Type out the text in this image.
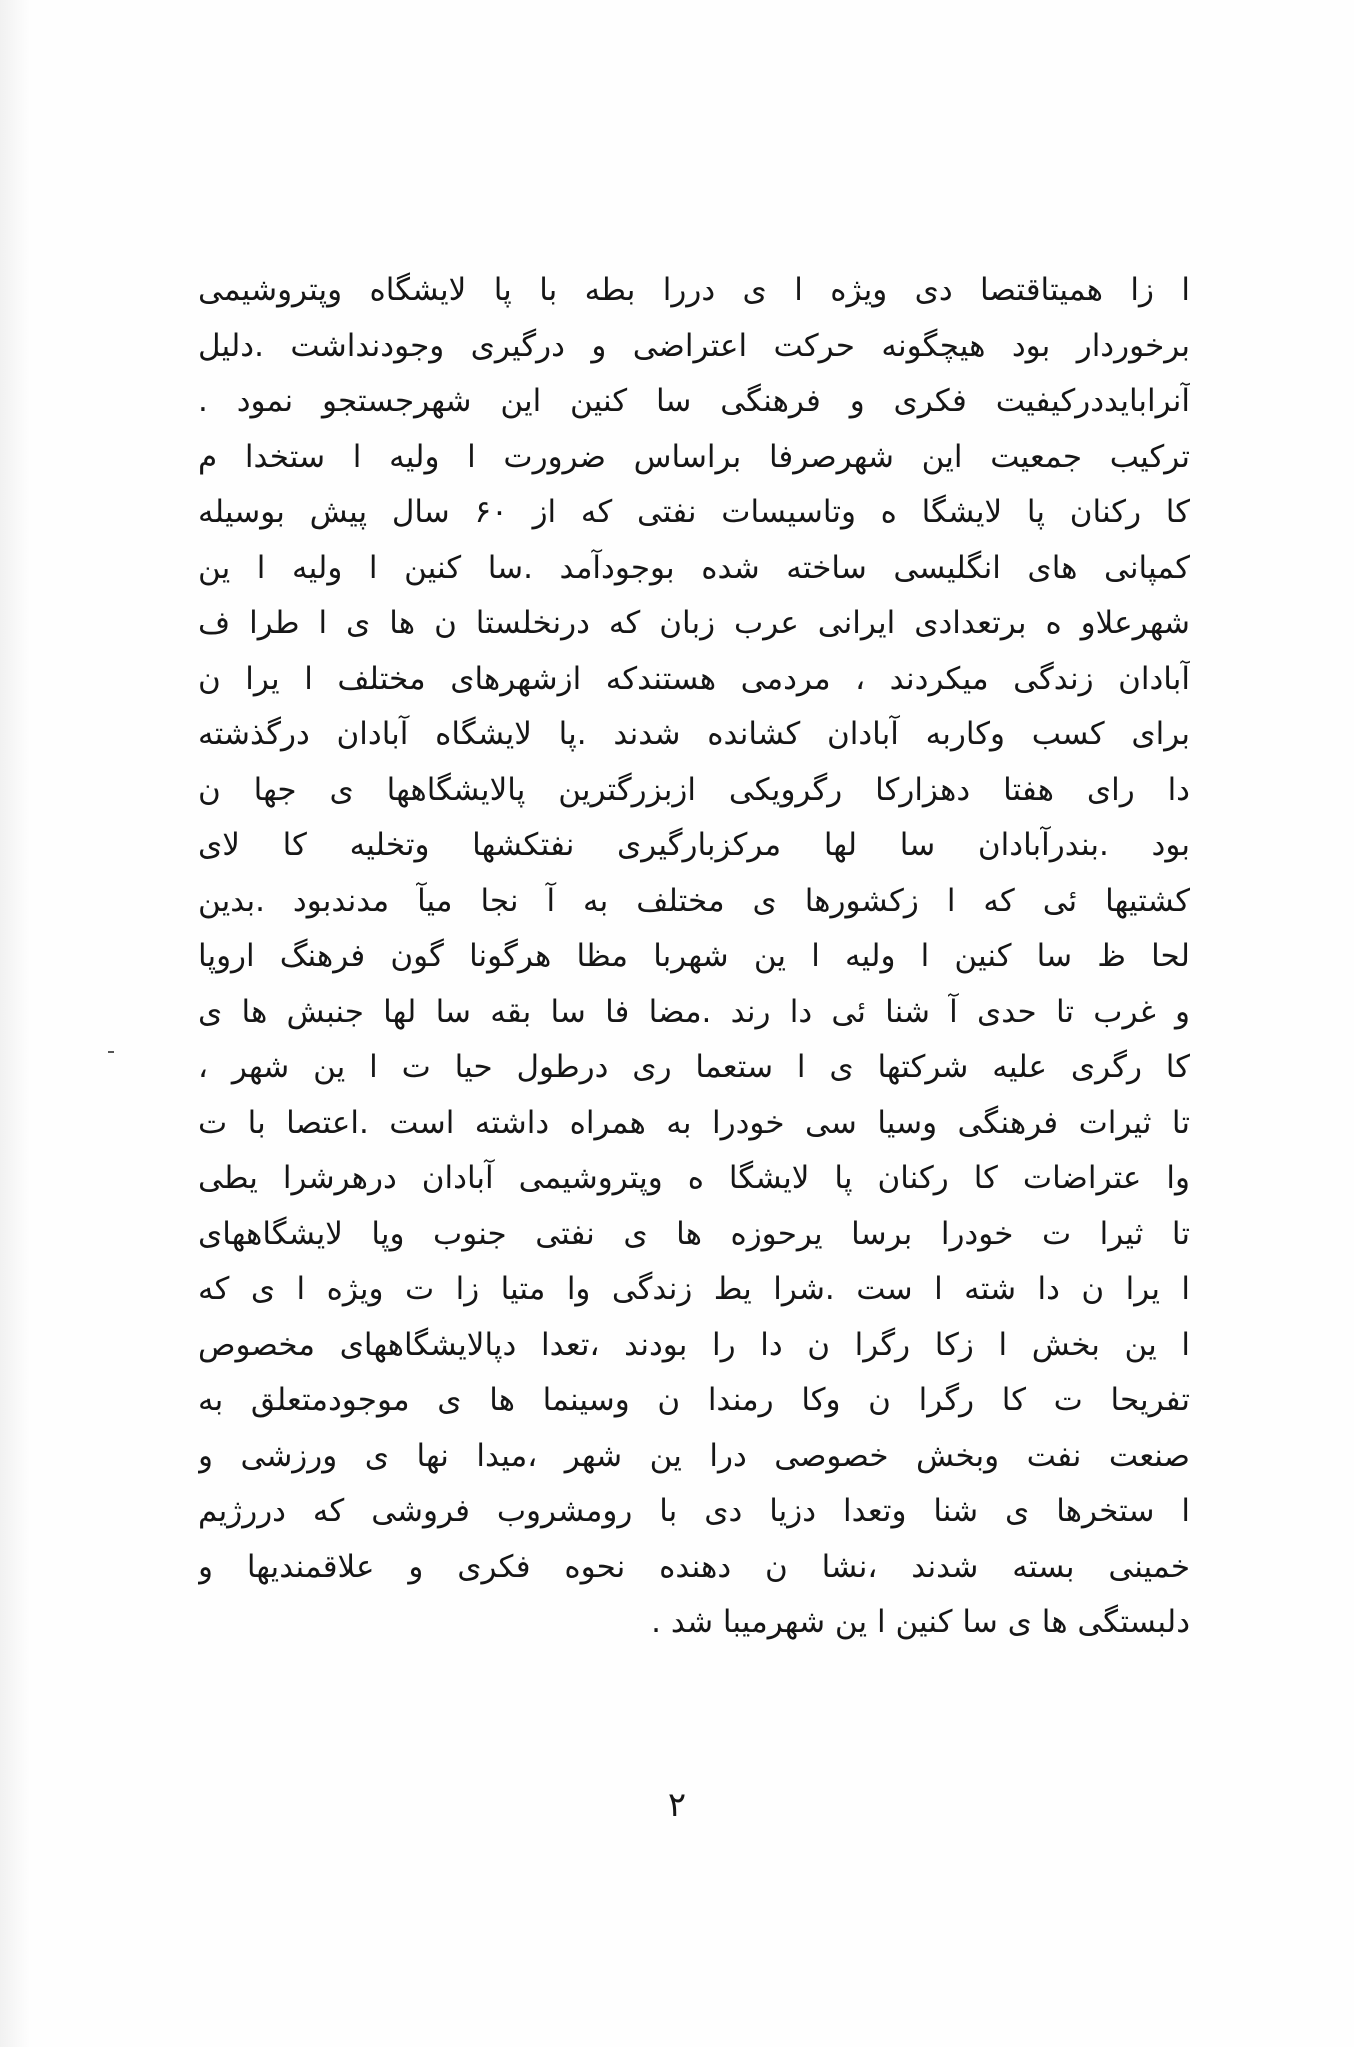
ا زا همیتاقتصا دی ویژه ا ی دررا بطه با پا لایشگاه وپتروشیمی
برخوردار بود هیچگونه حرکت اعتراضی و درگیری وجودنداشت .دلیل
آنرابایددرکیفیت فکری و فرهنگی سا کنین این شهرجستجو نمود .
ترکیب جمعیت این شهرصرفا براساس ضرورت ا ولیه ا ستخدا م
کا رکنان پا لایشگا ه وتاسیسات نفتی که از ۶۰ سال پیش بوسیله
کمپانی های انگلیسی ساخته شده بوجودآمد .سا کنین ا ولیه ا ین
شهرعلاو ه برتعدادی ایرانی عرب زبان که درنخلستا ن ها ی ا طرا ف
آبادان زندگی میکردند ، مردمی هستندکه ازشهرهای مختلف ا یرا ن
برای کسب وکاربه آبادان کشانده شدند .پا لایشگاه آبادان درگذشته
دا رای هفتا دهزارکا رگرویکی ازبزرگترین پالایشگاهها ی جها ن
بود .بندرآبادان سا لها مرکزبارگیری نفتکشها وتخلیه کا لای
کشتیها ئی که ا زکشورها ی مختلف به آ نجا میآ مدندبود .بدین
لحا ظ سا کنین ا ولیه ا ین شهربا مظا هرگونا گون فرهنگ اروپا
و غرب تا حدی آ شنا ئی دا رند .مضا فا سا بقه سا لها جنبش ها ی
کا رگری علیه شرکتها ی ا ستعما ری درطول حیا ت ا ین شهر ،
تا ثیرات فرهنگی وسیا سی خودرا به همراه داشته است .اعتصا با ت
وا عتراضات کا رکنان پا لایشگا ه وپتروشیمی آبادان درهرشرا یطی
تا ثیرا ت خودرا برسا یرحوزه ها ی نفتی جنوب وپا لایشگاههای
ا یرا ن دا شته ا ست .شرا یط زندگی وا متیا زا ت ویژه ا ی که
ا ین بخش ا زکا رگرا ن دا را بودند ،تعدا دپالایشگاههای مخصوص
تفریحا ت کا رگرا ن وکا رمندا ن وسینما ها ی موجودمتعلق به
صنعت نفت وبخش خصوصی درا ین شهر ،میدا نها ی ورزشی و
ا ستخرها ی شنا وتعدا دزیا دی با رومشروب فروشی که دررژیم
خمینی بسته شدند ،نشا ن دهنده نحوه فکری و علاقمندیها و
دلبستگی ها ی سا کنین ا ین شهرمیبا شد .
۲
